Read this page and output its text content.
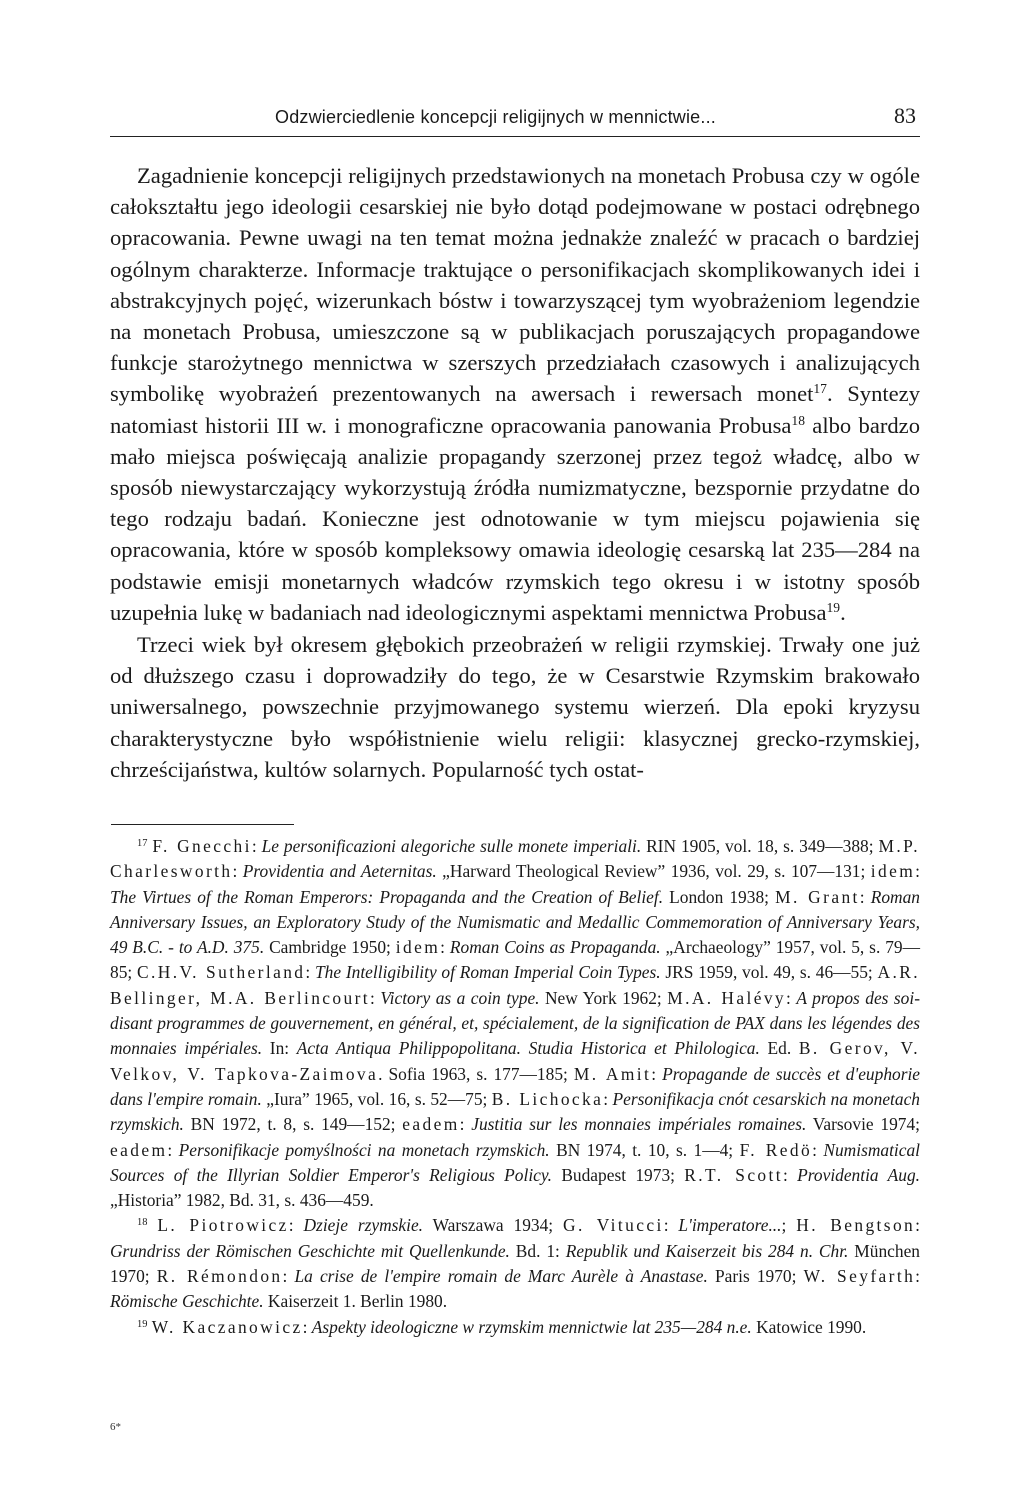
Odzwierciedlenie koncepcji religijnych w mennictwie...	83

Zagadnienie koncepcji religijnych przedstawionych na monetach Probusa czy w ogóle całokształtu jego ideologii cesarskiej nie było dotąd podejmowane w postaci odrębnego opracowania. Pewne uwagi na ten temat można jednakże znaleźć w pracach o bardziej ogólnym charakterze. Informacje traktujące o personifikacjach skomplikowanych idei i abstrakcyjnych pojęć, wizerunkach bóstw i towarzyszącej tym wyobrażeniom legendzie na monetach Probusa, umieszczone są w publikacjach poruszających propagandowe funkcje starożytnego mennictwa w szerszych przedziałach czasowych i analizujących symbolikę wyobrażeń prezentowanych na awersach i rewersach monet$^{17}$. Syntezy natomiast historii III w. i monograficzne opracowania panowania Probusa$^{18}$ albo bardzo mało miejsca poświęcają analizie propagandy szerzonej przez tegoż władcę, albo w sposób niewystarczający wykorzystują źródła numizmatyczne, bezspornie przydatne do tego rodzaju badań. Konieczne jest odnotowanie w tym miejscu pojawienia się opracowania, które w sposób kompleksowy omawia ideologię cesarską lat 235—284 na podstawie emisji monetarnych władców rzymskich tego okresu i w istotny sposób uzupełnia lukę w badaniach nad ideologicznymi aspektami mennictwa Probusa$^{19}$.

Trzeci wiek był okresem głębokich przeobrażeń w religii rzymskiej. Trwały one już od dłuższego czasu i doprowadziły do tego, że w Cesarstwie Rzymskim brakowało uniwersalnego, powszechnie przyjmowanego systemu wierzeń. Dla epoki kryzysu charakterystyczne było współistnienie wielu religii: klasycznej grecko-rzymskiej, chrześcijaństwa, kultów solarnych. Popularność tych ostat-

$^{17}$ F. Gnecchi: Le personificazioni alegoriche sulle monete imperiali. RIN 1905, vol. 18, s. 349—388; M.P. Charlesworth: Providentia and Aeternitas. „Harward Theological Review” 1936, vol. 29, s. 107—131; idem: The Virtues of the Roman Emperors: Propaganda and the Creation of Belief. London 1938; M. Grant: Roman Anniversary Issues, an Exploratory Study of the Numismatic and Medallic Commemoration of Anniversary Years, 49 B.C. - to A.D. 375. Cambridge 1950; idem: Roman Coins as Propaganda. „Archaeology” 1957, vol. 5, s. 79—85; C.H.V. Sutherland: The Intelligibility of Roman Imperial Coin Types. JRS 1959, vol. 49, s. 46—55; A.R. Bellinger, M.A. Berlincourt: Victory as a coin type. New York 1962; M.A. Halévy: A propos des soi-disant programmes de gouvernement, en général, et, spécialement, de la signification de PAX dans les légendes des monnaies impériales. In: Acta Antiqua Philippopolitana. Studia Historica et Philologica. Ed. B. Gerov, V. Velkov, V. Tapkova-Zaimova. Sofia 1963, s. 177—185; M. Amit: Propagande de succès et d'euphorie dans l'empire romain. „Iura” 1965, vol. 16, s. 52—75; B. Lichocka: Personifikacja cnót cesarskich na monetach rzymskich. BN 1972, t. 8, s. 149—152; eadem: Justitia sur les monnaies impériales romaines. Varsovie 1974; eadem: Personifikacje pomyślności na monetach rzymskich. BN 1974, t. 10, s. 1—4; F. Redö: Numismatical Sources of the Illyrian Soldier Emperor's Religious Policy. Budapest 1973; R.T. Scott: Providentia Aug. „Historia” 1982, Bd. 31, s. 436—459.

$^{18}$ L. Piotrowicz: Dzieje rzymskie. Warszawa 1934; G. Vitucci: L'imperatore...; H. Bengtson: Grundriss der Römischen Geschichte mit Quellenkunde. Bd. 1: Republik und Kaiserzeit bis 284 n. Chr. München 1970; R. Rémondon: La crise de l'empire romain de Marc Aurèle à Anastase. Paris 1970; W. Seyfarth: Römische Geschichte. Kaiserzeit 1. Berlin 1980.

$^{19}$ W. Kaczanowicz: Aspekty ideologiczne w rzymskim mennictwie lat 235—284 n.e. Katowice 1990.

6*
